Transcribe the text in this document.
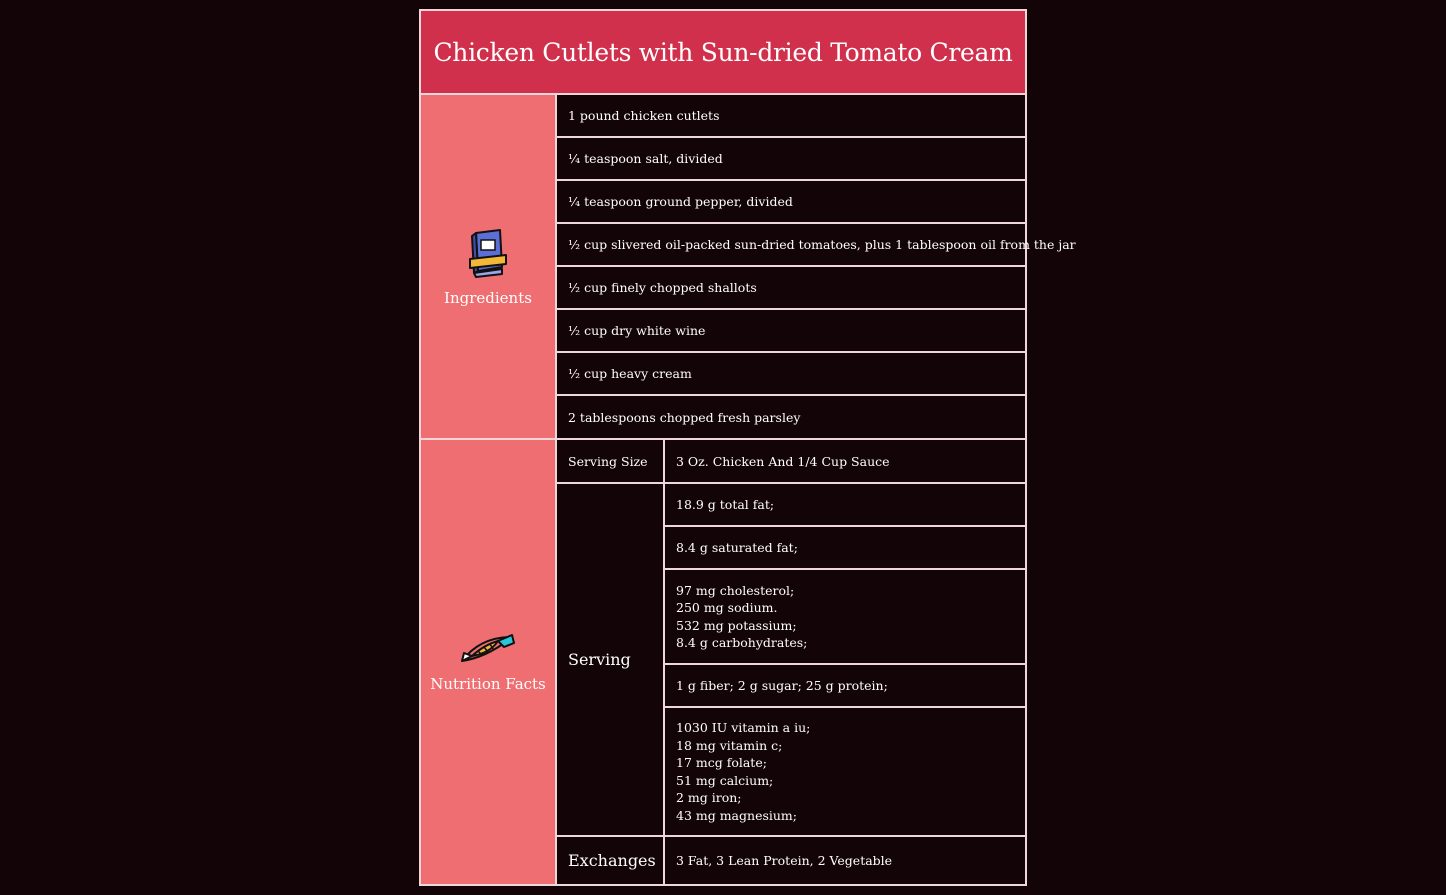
Chicken Cutlets with Sun-dried Tomato Cream
Ingredients
1 pound chicken cutlets
¼ teaspoon salt, divided
¼ teaspoon ground pepper, divided
½ cup slivered oil-packed sun-dried tomatoes, plus 1 tablespoon oil from the jar
½ cup finely chopped shallots
½ cup dry white wine
½ cup heavy cream
2 tablespoons chopped fresh parsley
Nutrition Facts
Serving Size	3 Oz. Chicken And 1/4 Cup Sauce
Serving
18.9 g total fat;
8.4 g saturated fat;
97 mg cholesterol;
250 mg sodium.
532 mg potassium;
8.4 g carbohydrates;
1 g fiber; 2 g sugar; 25 g protein;
1030 IU vitamin a iu;
18 mg vitamin c;
17 mcg folate;
51 mg calcium;
2 mg iron;
43 mg magnesium;
Exchanges	3 Fat, 3 Lean Protein, 2 Vegetable
